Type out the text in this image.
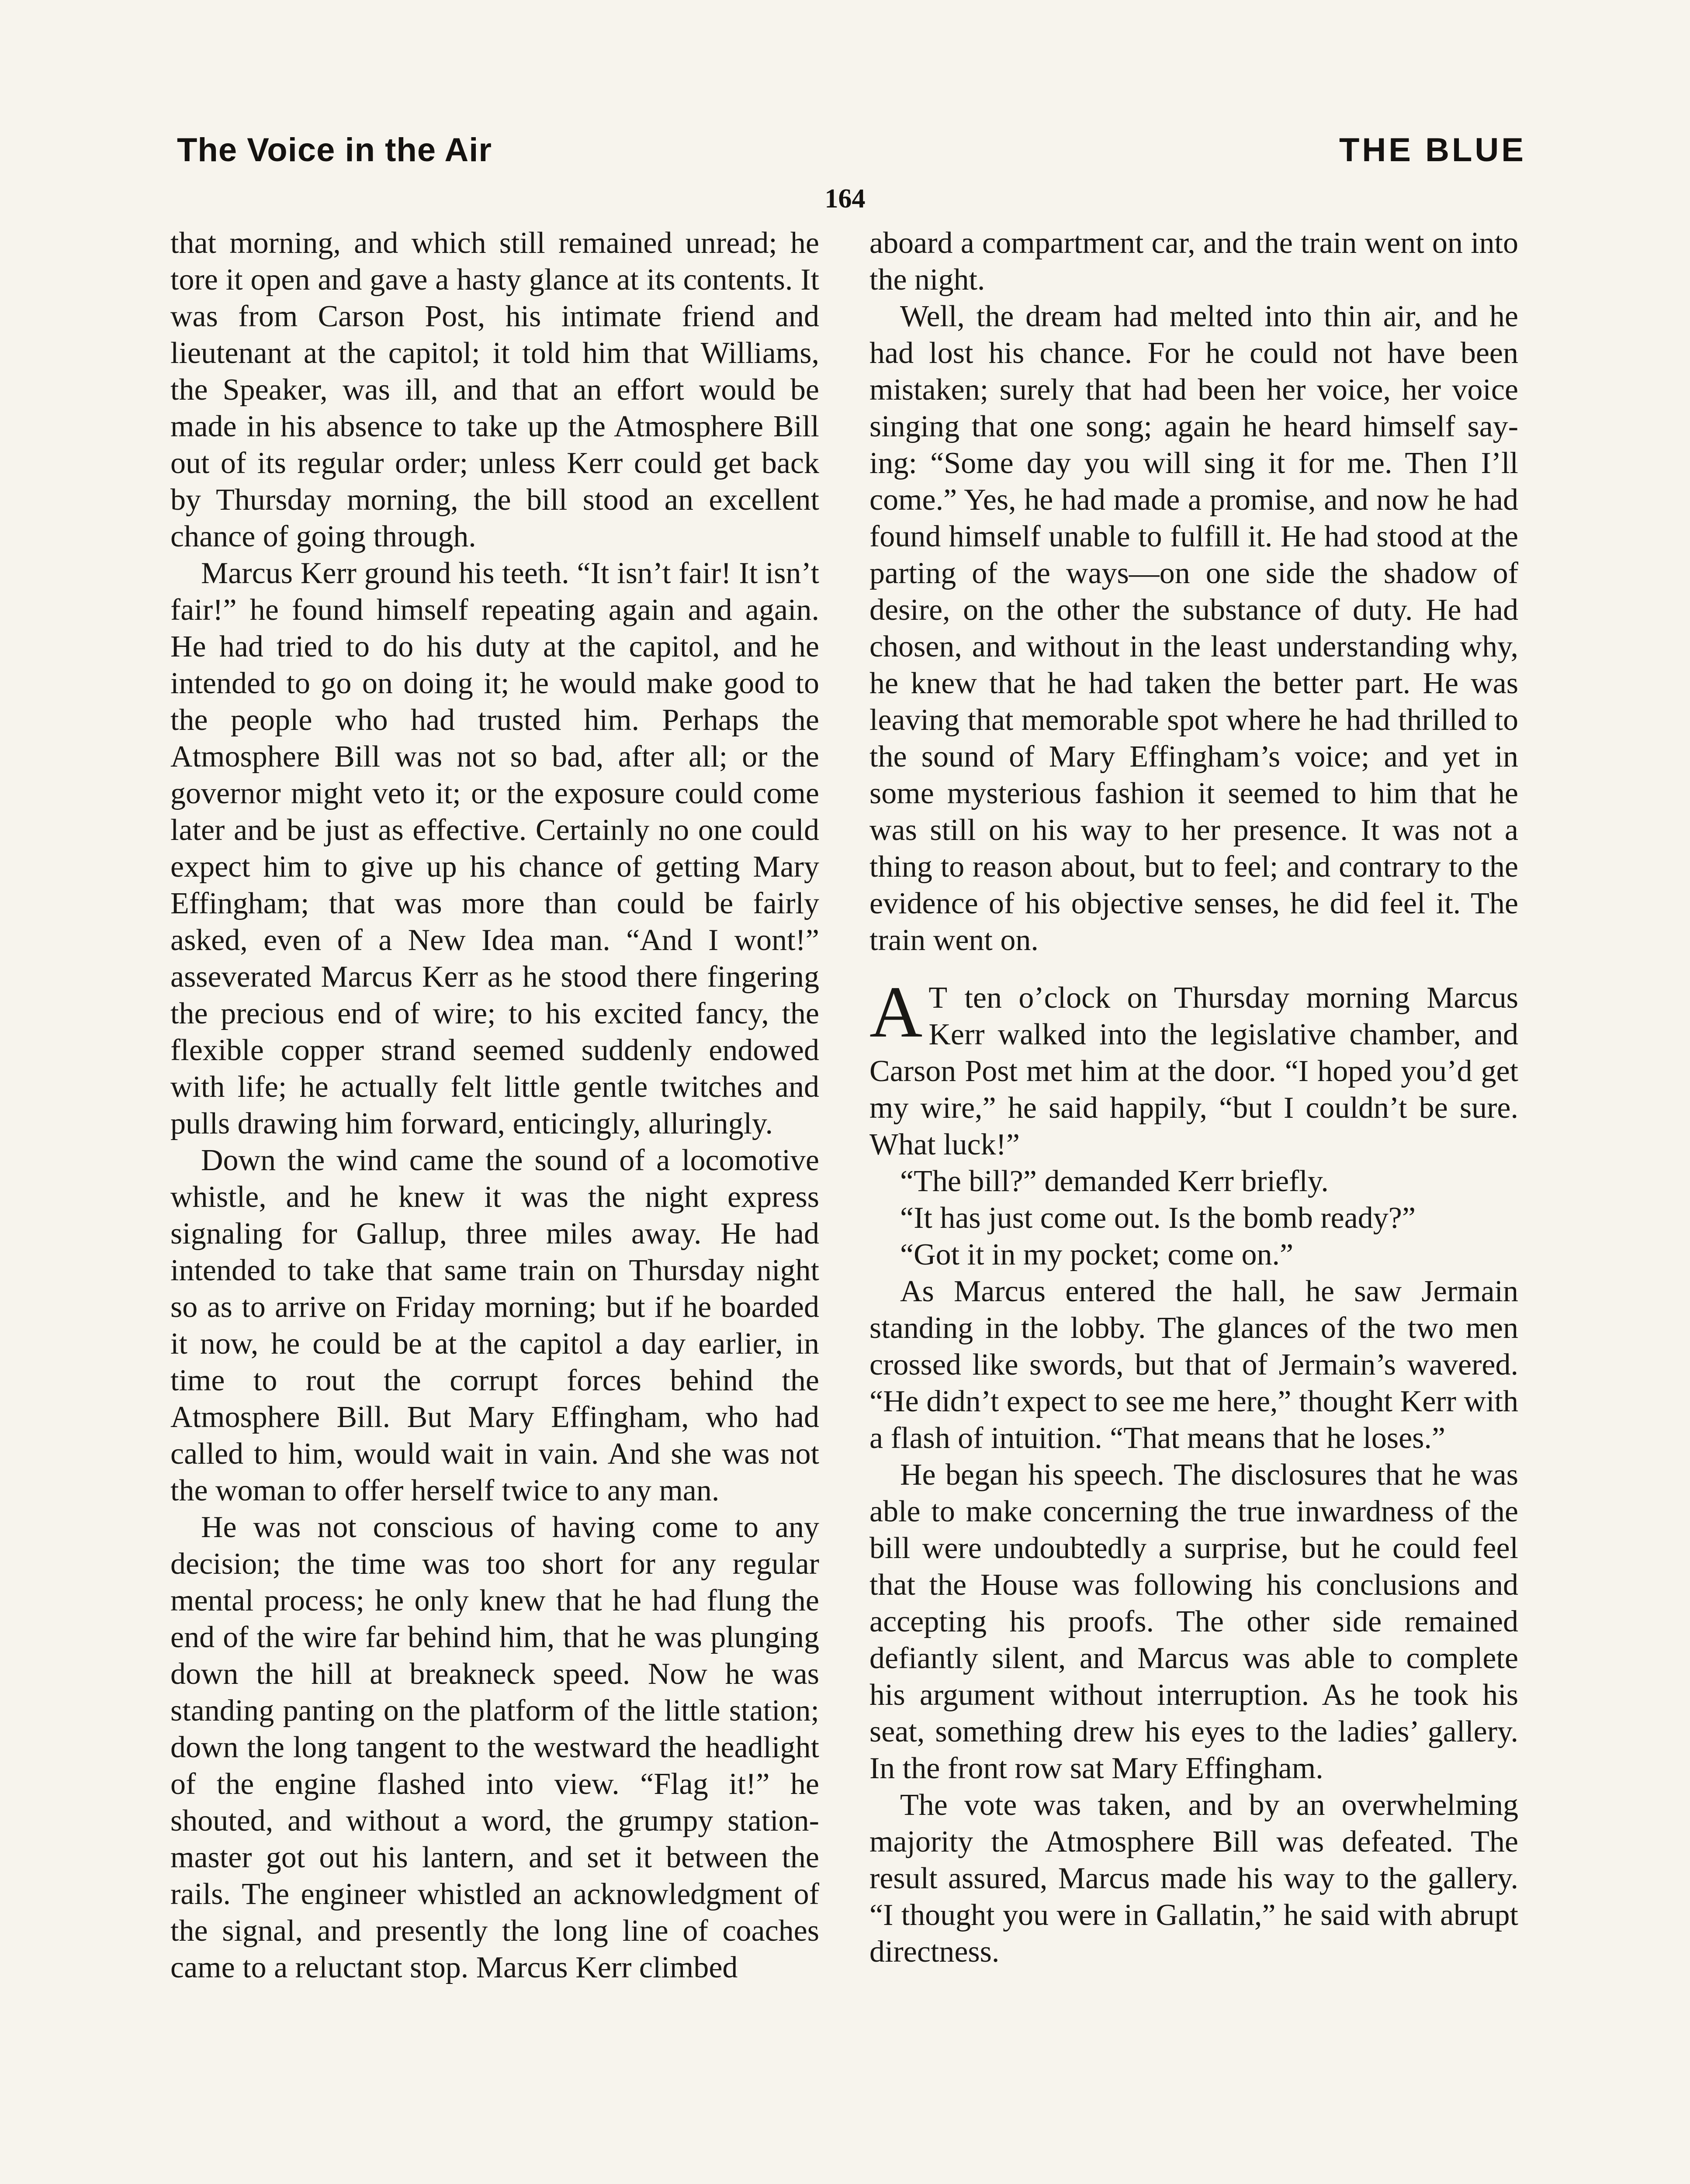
The Voice in the Air	THE BLUE
164

that morning, and which still remained unread; he tore it open and gave a hasty glance at its contents. It was from Carson Post, his intimate friend and lieutenant at the capitol; it told him that Williams, the Speaker, was ill, and that an effort would be made in his absence to take up the Atmosphere Bill out of its regular order; unless Kerr could get back by Thursday morning, the bill stood an excellent chance of going through.

Marcus Kerr ground his teeth. “It isn’t fair! It isn’t fair!” he found himself repeating again and again. He had tried to do his duty at the capitol, and he intended to go on doing it; he would make good to the people who had trusted him. Perhaps the Atmosphere Bill was not so bad, after all; or the governor might veto it; or the exposure could come later and be just as effective. Certainly no one could expect him to give up his chance of getting Mary Effingham; that was more than could be fairly asked, even of a New Idea man. “And I wont!” asseverated Marcus Kerr as he stood there fingering the precious end of wire; to his excited fancy, the flexible copper strand seemed suddenly endowed with life; he actually felt little gentle twitches and pulls drawing him forward, enticingly, alluringly.

Down the wind came the sound of a locomotive whistle, and he knew it was the night express signaling for Gallup, three miles away. He had intended to take that same train on Thursday night so as to arrive on Friday morning; but if he boarded it now, he could be at the capitol a day earlier, in time to rout the corrupt forces behind the Atmosphere Bill. But Mary Effingham, who had called to him, would wait in vain. And she was not the woman to offer herself twice to any man.

He was not conscious of having come to any decision; the time was too short for any regular mental process; he only knew that he had flung the end of the wire far behind him, that he was plunging down the hill at breakneck speed. Now he was standing panting on the platform of the little station; down the long tangent to the westward the headlight of the engine flashed into view. “Flag it!” he shouted, and without a word, the grumpy station-master got out his lantern, and set it between the rails. The engineer whistled an acknowledgment of the signal, and presently the long line of coaches came to a reluctant stop. Marcus Kerr climbed

aboard a compartment car, and the train went on into the night.

Well, the dream had melted into thin air, and he had lost his chance. For he could not have been mistaken; surely that had been her voice, her voice singing that one song; again he heard himself saying: “Some day you will sing it for me. Then I’ll come.” Yes, he had made a promise, and now he had found himself unable to fulfill it. He had stood at the parting of the ways—on one side the shadow of desire, on the other the substance of duty. He had chosen, and without in the least understanding why, he knew that he had taken the better part. He was leaving that memorable spot where he had thrilled to the sound of Mary Effingham’s voice; and yet in some mysterious fashion it seemed to him that he was still on his way to her presence. It was not a thing to reason about, but to feel; and contrary to the evidence of his objective senses, he did feel it. The train went on.

A T ten o’clock on Thursday morning Marcus Kerr walked into the legislative chamber, and Carson Post met him at the door. “I hoped you’d get my wire,” he said happily, “but I couldn’t be sure. What luck!”

“The bill?” demanded Kerr briefly.

“It has just come out. Is the bomb ready?”

“Got it in my pocket; come on.”

As Marcus entered the hall, he saw Jermain standing in the lobby. The glances of the two men crossed like swords, but that of Jermain’s wavered. “He didn’t expect to see me here,” thought Kerr with a flash of intuition. “That means that he loses.”

He began his speech. The disclosures that he was able to make concerning the true inwardness of the bill were undoubtedly a surprise, but he could feel that the House was following his conclusions and accepting his proofs. The other side remained defiantly silent, and Marcus was able to complete his argument without interruption. As he took his seat, something drew his eyes to the ladies’ gallery. In the front row sat Mary Effingham.

The vote was taken, and by an overwhelming majority the Atmosphere Bill was defeated. The result assured, Marcus made his way to the gallery. “I thought you were in Gallatin,” he said with abrupt directness.
